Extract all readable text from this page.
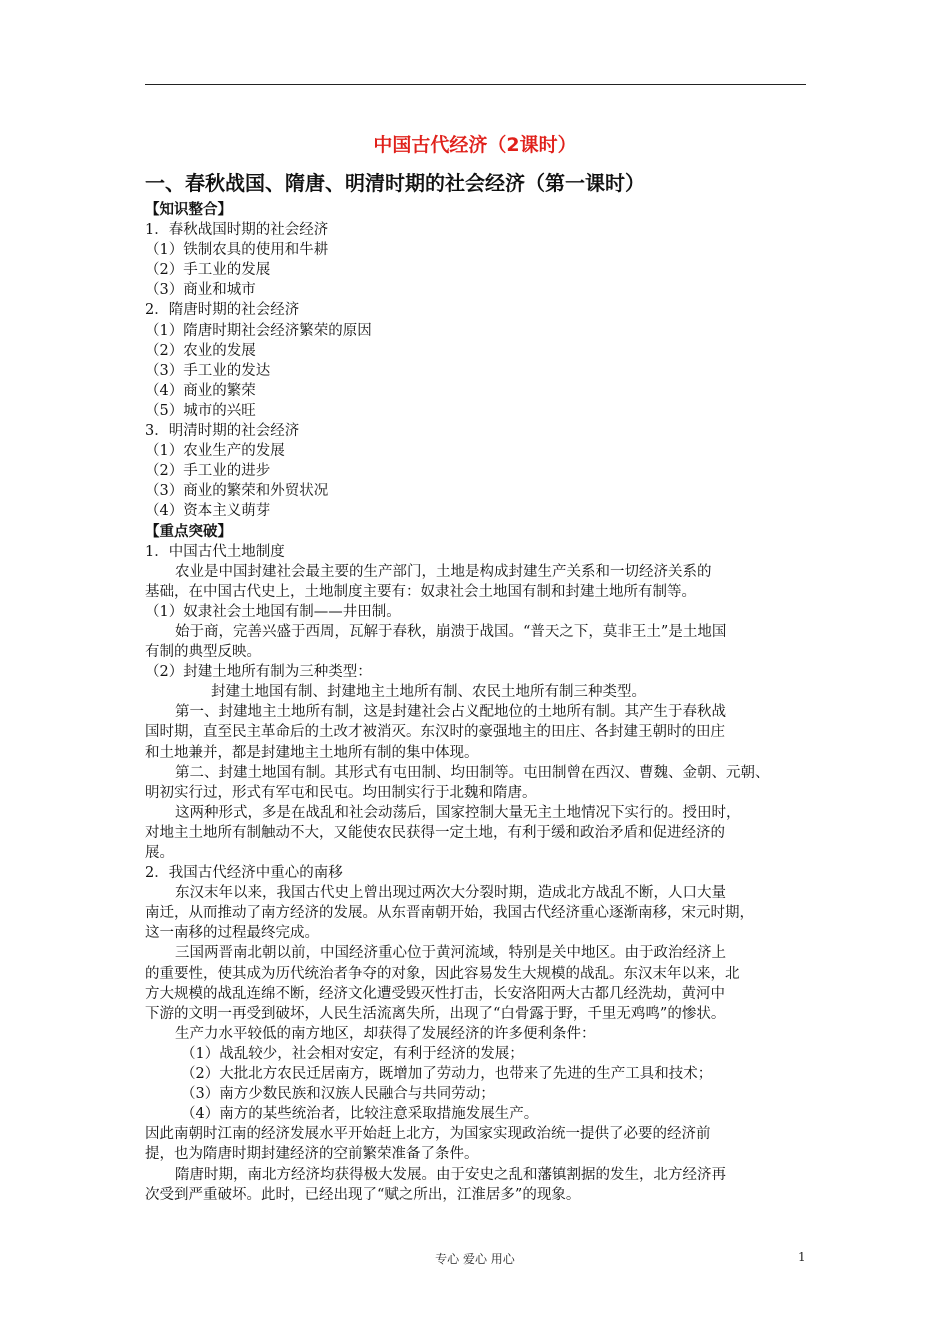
中国古代经济（2课时）
一、春秋战国、隋唐、明清时期的社会经济（第一课时）
【知识整合】
1．春秋战国时期的社会经济
（1）铁制农具的使用和牛耕
（2）手工业的发展
（3）商业和城市
2．隋唐时期的社会经济
（1）隋唐时期社会经济繁荣的原因
（2）农业的发展
（3）手工业的发达
（4）商业的繁荣
（5）城市的兴旺
3．明清时期的社会经济
（1）农业生产的发展
（2）手工业的进步
（3）商业的繁荣和外贸状况
（4）资本主义萌芽
【重点突破】
1．中国古代土地制度
农业是中国封建社会最主要的生产部门，土地是构成封建生产关系和一切经济关系的
基础，在中国古代史上，土地制度主要有：奴隶社会土地国有制和封建土地所有制等。
（1）奴隶社会土地国有制——井田制。
始于商，完善兴盛于西周，瓦解于春秋，崩溃于战国。“普天之下，莫非王土”是土地国
有制的典型反映。
（2）封建土地所有制为三种类型：
封建土地国有制、封建地主土地所有制、农民土地所有制三种类型。
第一、封建地主土地所有制，这是封建社会占义配地位的土地所有制。其产生于春秋战
国时期，直至民主革命后的土改才被消灭。东汉时的豪强地主的田庄、各封建王朝时的田庄
和土地兼并，都是封建地主土地所有制的集中体现。
第二、封建土地国有制。其形式有屯田制、均田制等。屯田制曾在西汉、曹魏、金朝、元朝、
明初实行过，形式有军屯和民屯。均田制实行于北魏和隋唐。
这两种形式，多是在战乱和社会动荡后，国家控制大量无主土地情况下实行的。授田时，
对地主土地所有制触动不大，又能使农民获得一定土地，有利于缓和政治矛盾和促进经济的
展。
2．我国古代经济中重心的南移
东汉末年以来，我国古代史上曾出现过两次大分裂时期，造成北方战乱不断，人口大量
南迁，从而推动了南方经济的发展。从东晋南朝开始，我国古代经济重心逐渐南移，宋元时期，
这一南移的过程最终完成。
三国两晋南北朝以前，中国经济重心位于黄河流域，特别是关中地区。由于政治经济上
的重要性，使其成为历代统治者争夺的对象，因此容易发生大规模的战乱。东汉末年以来，北
方大规模的战乱连绵不断，经济文化遭受毁灭性打击，长安洛阳两大古都几经洗劫，黄河中
下游的文明一再受到破坏，人民生活流离失所，出现了“白骨露于野，千里无鸡鸣”的惨状。
生产力水平较低的南方地区，却获得了发展经济的许多便利条件：
（1）战乱较少，社会相对安定，有利于经济的发展；
（2）大批北方农民迁居南方，既增加了劳动力，也带来了先进的生产工具和技术；
（3）南方少数民族和汉族人民融合与共同劳动；
（4）南方的某些统治者，比较注意采取措施发展生产。
因此南朝时江南的经济发展水平开始赶上北方，为国家实现政治统一提供了必要的经济前
提，也为隋唐时期封建经济的空前繁荣准备了条件。
隋唐时期，南北方经济均获得极大发展。由于安史之乱和藩镇割据的发生，北方经济再
次受到严重破坏。此时，已经出现了“赋之所出，江淮居多”的现象。
专心 爱心 用心	1
